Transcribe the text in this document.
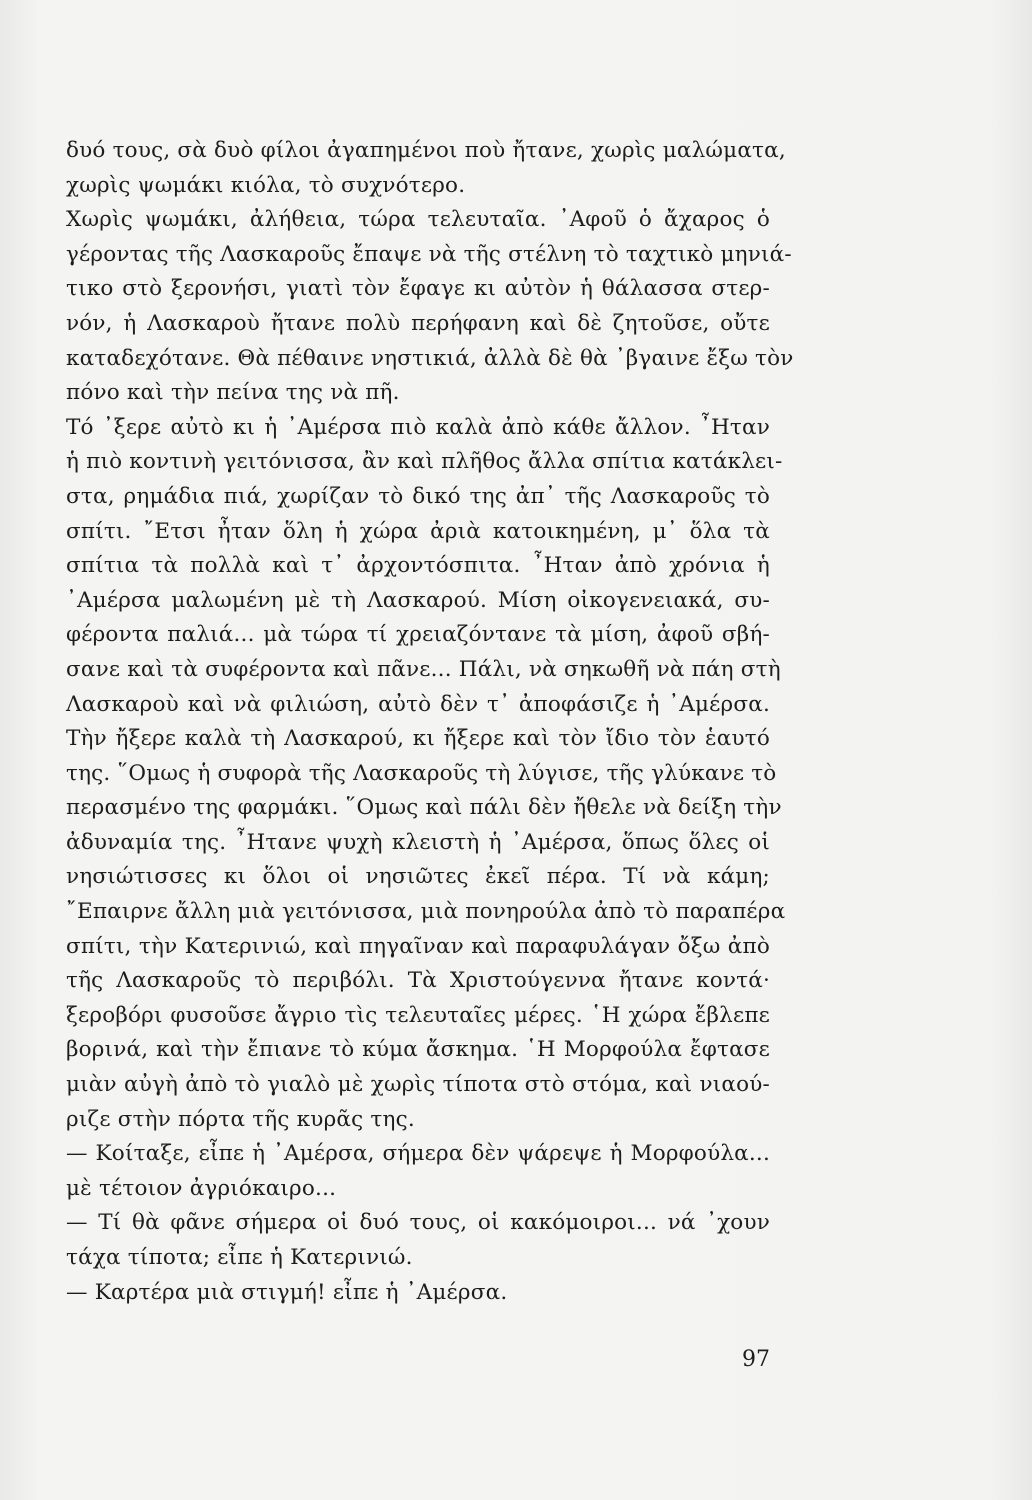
δυό τους, σὰ δυὸ φίλοι ἀγαπημένοι ποὺ ἤτανε, χωρὶς μαλώματα,
χωρὶς ψωμάκι κιόλα, τὸ συχνότερο.
Χωρὶς ψωμάκι, ἀλήθεια, τώρα τελευταῖα. ᾿Αφοῦ ὁ ἄχαρος ὁ
γέροντας τῆς Λασκαροῦς ἔπαψε νὰ τῆς στέλνη τὸ ταχτικὸ μηνιά-
τικο στὸ ξερονήσι, γιατὶ τὸν ἔφαγε κι αὐτὸν ἡ θάλασσα στερ-
νόν, ἡ Λασκαροὺ ἤτανε πολὺ περήφανη καὶ δὲ ζητοῦσε, οὔτε
καταδεχότανε. Θὰ πέθαινε νηστικιά, ἀλλὰ δὲ θὰ ᾿βγαινε ἔξω τὸν
πόνο καὶ τὴν πείνα της νὰ πῆ.
Τό ᾿ξερε αὐτὸ κι ἡ ᾿Αμέρσα πιὸ καλὰ ἀπὸ κάθε ἄλλον. ῏Ηταν
ἡ πιὸ κοντινὴ γειτόνισσα, ἂν καὶ πλῆθος ἄλλα σπίτια κατάκλει-
στα, ρημάδια πιά, χωρίζαν τὸ δικό της ἀπ᾿ τῆς Λασκαροῦς τὸ
σπίτι. ῎Ετσι ἦταν ὅλη ἡ χώρα ἀριὰ κατοικημένη, μ᾿ ὅλα τὰ
σπίτια τὰ πολλὰ καὶ τ᾿ ἀρχοντόσπιτα. ῏Ηταν ἀπὸ χρόνια ἡ
᾿Αμέρσα μαλωμένη μὲ τὴ Λασκαρού. Μίση οἰκογενειακά, συ-
φέροντα παλιά... μὰ τώρα τί χρειαζόντανε τὰ μίση, ἀφοῦ σβή-
σανε καὶ τὰ συφέροντα καὶ πᾶνε... Πάλι, νὰ σηκωθῆ νὰ πάη στὴ
Λασκαροὺ καὶ νὰ φιλιώση, αὐτὸ δὲν τ᾿ ἀποφάσιζε ἡ ᾿Αμέρσα.
Τὴν ἤξερε καλὰ τὴ Λασκαρού, κι ἤξερε καὶ τὸν ἴδιο τὸν ἑαυτό
της. ῞Ομως ἡ συφορὰ τῆς Λασκαροῦς τὴ λύγισε, τῆς γλύκανε τὸ
περασμένο της φαρμάκι. ῞Ομως καὶ πάλι δὲν ἤθελε νὰ δείξη τὴν
ἀδυναμία της. ῏Ητανε ψυχὴ κλειστὴ ἡ ᾿Αμέρσα, ὅπως ὅλες οἱ
νησιώτισσες κι ὅλοι οἱ νησιῶτες ἐκεῖ πέρα. Τί νὰ κάμη;
῎Επαιρνε ἄλλη μιὰ γειτόνισσα, μιὰ πονηρούλα ἀπὸ τὸ παραπέρα
σπίτι, τὴν Κατερινιώ, καὶ πηγαῖναν καὶ παραφυλάγαν ὄξω ἀπὸ
τῆς Λασκαροῦς τὸ περιβόλι. Τὰ Χριστούγεννα ἤτανε κοντά·
ξεροβόρι φυσοῦσε ἄγριο τὶς τελευταῖες μέρες. ῾Η χώρα ἔβλεπε
βορινά, καὶ τὴν ἔπιανε τὸ κύμα ἄσκημα. ῾Η Μορφούλα ἔφτασε
μιὰν αὐγὴ ἀπὸ τὸ γιαλὸ μὲ χωρὶς τίποτα στὸ στόμα, καὶ νιαού-
ριζε στὴν πόρτα τῆς κυρᾶς της.
— Κοίταξε, εἶπε ἡ ᾿Αμέρσα, σήμερα δὲν ψάρεψε ἡ Μορφούλα...
μὲ τέτοιον ἀγριόκαιρο...
— Τί θὰ φᾶνε σήμερα οἱ δυό τους, οἱ κακόμοιροι... νά ᾿χουν
τάχα τίποτα; εἶπε ἡ Κατερινιώ.
— Καρτέρα μιὰ στιγμή! εἶπε ἡ ᾿Αμέρσα.
97
